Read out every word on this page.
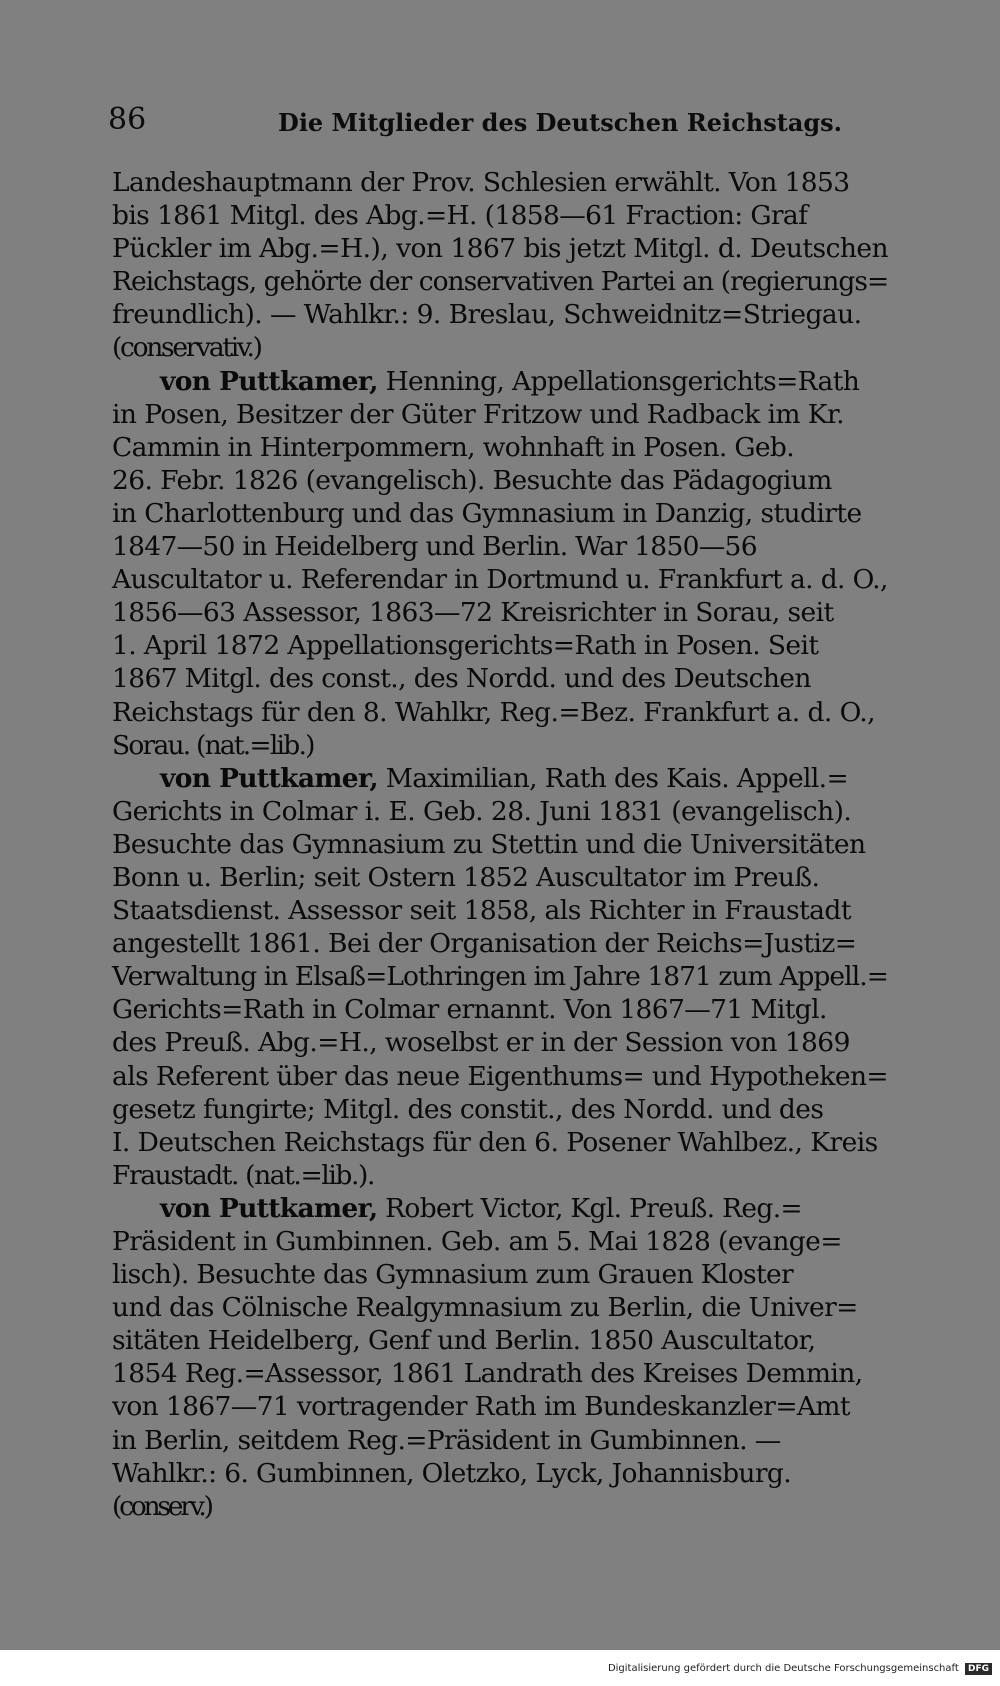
86	Die Mitglieder des Deutschen Reichstags.
Landeshauptmann der Prov. Schlesien erwählt. Von 1853
bis 1861 Mitgl. des Abg.=H. (1858—61 Fraction: Graf
Pückler im Abg.=H.), von 1867 bis jetzt Mitgl. d. Deutschen
Reichstags, gehörte der conservativen Partei an (regierungs=
freundlich). — Wahlkr.: 9. Breslau, Schweidnitz=Striegau.
(conservativ.)
von Puttkamer, Henning, Appellationsgerichts=Rath
in Posen, Besitzer der Güter Fritzow und Radback im Kr.
Cammin in Hinterpommern, wohnhaft in Posen. Geb.
26. Febr. 1826 (evangelisch). Besuchte das Pädagogium
in Charlottenburg und das Gymnasium in Danzig, studirte
1847—50 in Heidelberg und Berlin. War 1850—56
Auscultator u. Referendar in Dortmund u. Frankfurt a. d. O.,
1856—63 Assessor, 1863—72 Kreisrichter in Sorau, seit
1. April 1872 Appellationsgerichts=Rath in Posen. Seit
1867 Mitgl. des const., des Nordd. und des Deutschen
Reichstags für den 8. Wahlkr, Reg.=Bez. Frankfurt a. d. O.,
Sorau. (nat.=lib.)
von Puttkamer, Maximilian, Rath des Kais. Appell.=
Gerichts in Colmar i. E. Geb. 28. Juni 1831 (evangelisch).
Besuchte das Gymnasium zu Stettin und die Universitäten
Bonn u. Berlin; seit Ostern 1852 Auscultator im Preuß.
Staatsdienst. Assessor seit 1858, als Richter in Fraustadt
angestellt 1861. Bei der Organisation der Reichs=Justiz=
Verwaltung in Elsaß=Lothringen im Jahre 1871 zum Appell.=
Gerichts=Rath in Colmar ernannt. Von 1867—71 Mitgl.
des Preuß. Abg.=H., woselbst er in der Session von 1869
als Referent über das neue Eigenthums= und Hypotheken=
gesetz fungirte; Mitgl. des constit., des Nordd. und des
I. Deutschen Reichstags für den 6. Posener Wahlbez., Kreis
Fraustadt. (nat.=lib.).
von Puttkamer, Robert Victor, Kgl. Preuß. Reg.=
Präsident in Gumbinnen. Geb. am 5. Mai 1828 (evange=
lisch). Besuchte das Gymnasium zum Grauen Kloster
und das Cölnische Realgymnasium zu Berlin, die Univer=
sitäten Heidelberg, Genf und Berlin. 1850 Auscultator,
1854 Reg.=Assessor, 1861 Landrath des Kreises Demmin,
von 1867—71 vortragender Rath im Bundeskanzler=Amt
in Berlin, seitdem Reg.=Präsident in Gumbinnen. —
Wahlkr.: 6. Gumbinnen, Oletzko, Lyck, Johannisburg.
(conserv.)
Digitalisierung gefördert durch die Deutsche Forschungsgemeinschaft DFG
